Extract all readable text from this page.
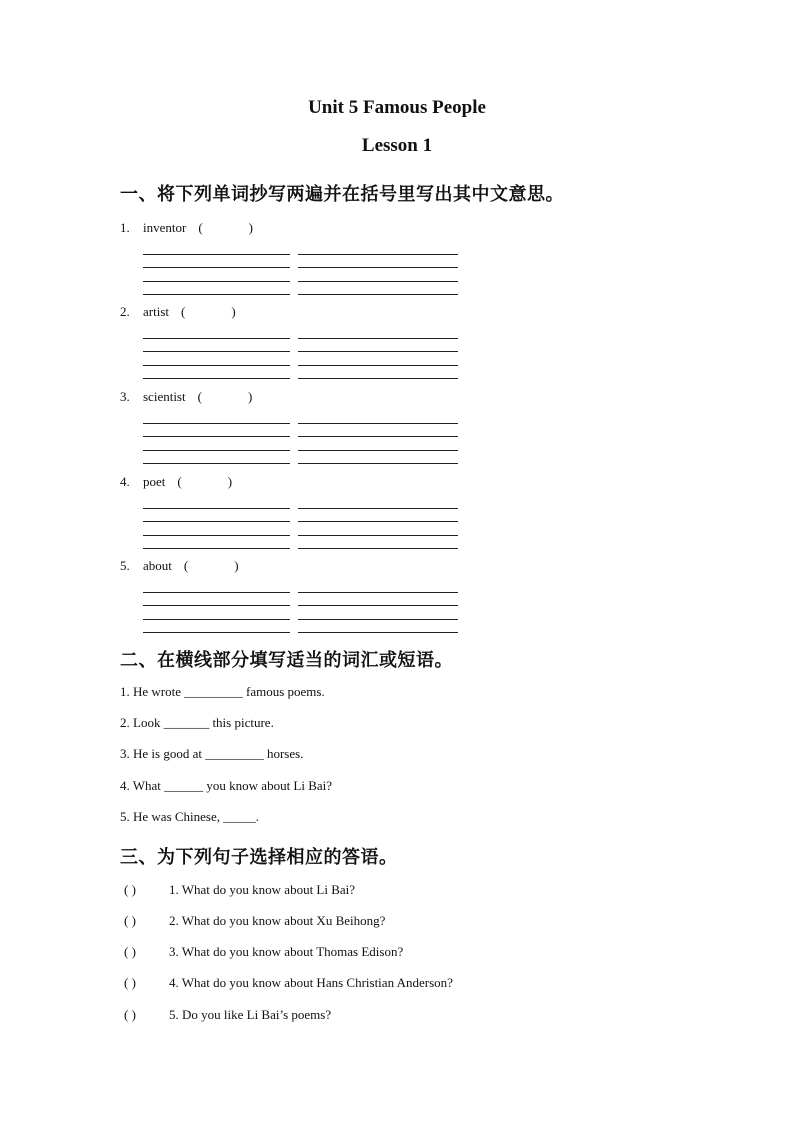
Unit 5 Famous People
Lesson 1
一、将下列单词抄写两遍并在括号里写出其中文意思。
1. inventor (	)
2. artist (	)
3. scientist (	)
4. poet (	)
5. about (	)
二、在横线部分填写适当的词汇或短语。
1. He wrote _________ famous poems.
2. Look _______ this picture.
3. He is good at _________ horses.
4. What ______ you know about Li Bai?
5. He was Chinese, _____.
三、为下列句子选择相应的答语。
( )	1. What do you know about Li Bai?
( )	2. What do you know about Xu Beihong?
( )	3. What do you know about Thomas Edison?
( )	4. What do you know about Hans Christian Anderson?
( )	5. Do you like Li Bai’s poems?
